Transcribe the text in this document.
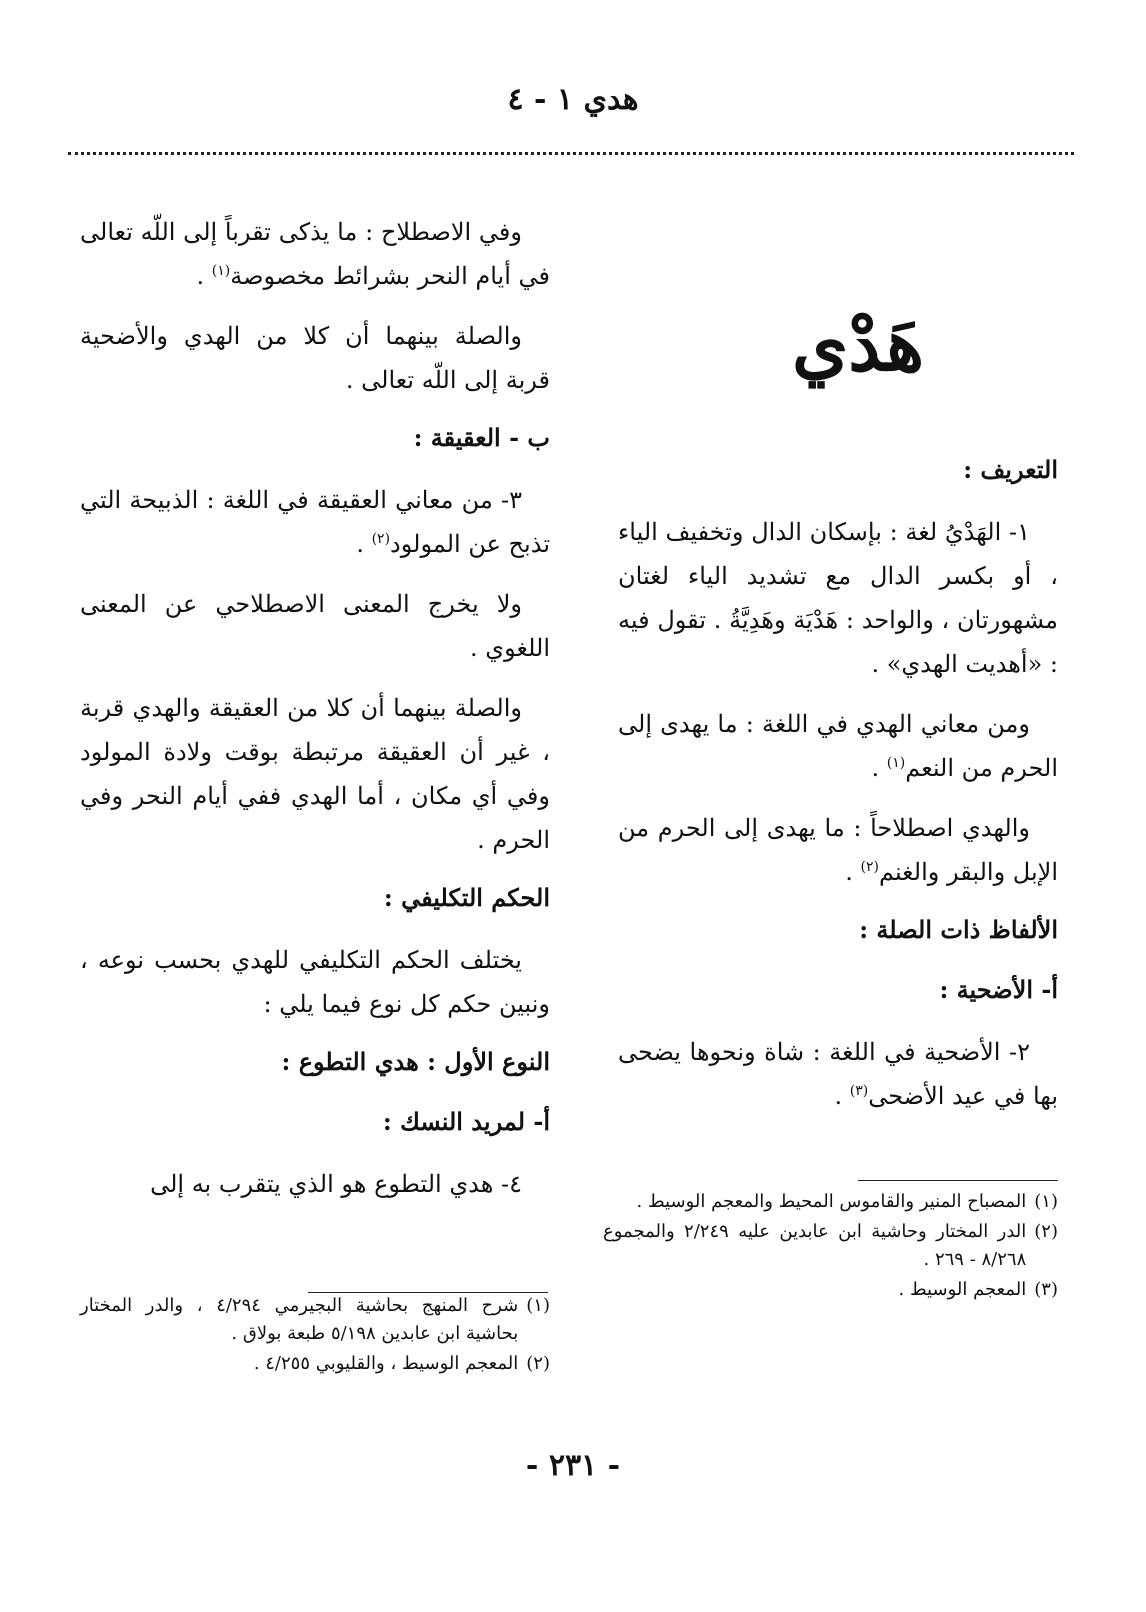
هدي ١ - ٤
هَدْي
التعريف :

١- الهَدْيُ لغة : بإسكان الدال وتخفيف الياء ، أو بكسر الدال مع تشديد الياء لغتان مشهورتان ، والواحد : هَدْيَة وهَدِيَّةُ . تقول فيه : «أهديت الهدي» .

ومن معاني الهدي في اللغة : ما يهدى إلى الحرم من النعم$^{(١)}$ .

والهدي اصطلاحاً : ما يهدى إلى الحرم من الإبل والبقر والغنم$^{(٢)}$ .

الألفاظ ذات الصلة :
أ- الأضحية :

٢- الأضحية في اللغة : شاة ونحوها يضحى بها في عيد الأضحى$^{(٣)}$ .

وفي الاصطلاح : ما يذكى تقرباً إلى اللّه تعالى في أيام النحر بشرائط مخصوصة$^{(١)}$ .

والصلة بينهما أن كلا من الهدي والأضحية قربة إلى اللّه تعالى .

ب - العقيقة :

٣- من معاني العقيقة في اللغة : الذبيحة التي تذبح عن المولود$^{(٢)}$ .

ولا يخرج المعنى الاصطلاحي عن المعنى اللغوي .

والصلة بينهما أن كلا من العقيقة والهدي قربة ، غير أن العقيقة مرتبطة بوقت ولادة المولود وفي أي مكان ، أما الهدي ففي أيام النحر وفي الحرم .

الحكم التكليفي :

يختلف الحكم التكليفي للهدي بحسب نوعه ، ونبين حكم كل نوع فيما يلي :

النوع الأول : هدي التطوع :
أ- لمريد النسك :

٤- هدي التطوع هو الذي يتقرب به إلى

(١)
المصباح المنير والقاموس المحيط والمعجم الوسيط .
(٢)
الدر المختار وحاشية ابن عابدين عليه ٢/٢٤٩ والمجموع ٨/٢٦٨ - ٢٦٩ .
(٣)
المعجم الوسيط .
(١)
شرح المنهج بحاشية البجيرمي ٤/٢٩٤ ، والدر المختار بحاشية ابن عابدين ٥/١٩٨ طبعة بولاق .
(٢)
المعجم الوسيط ، والقليوبي ٤/٢٥٥ .
- ٢٣١ -
